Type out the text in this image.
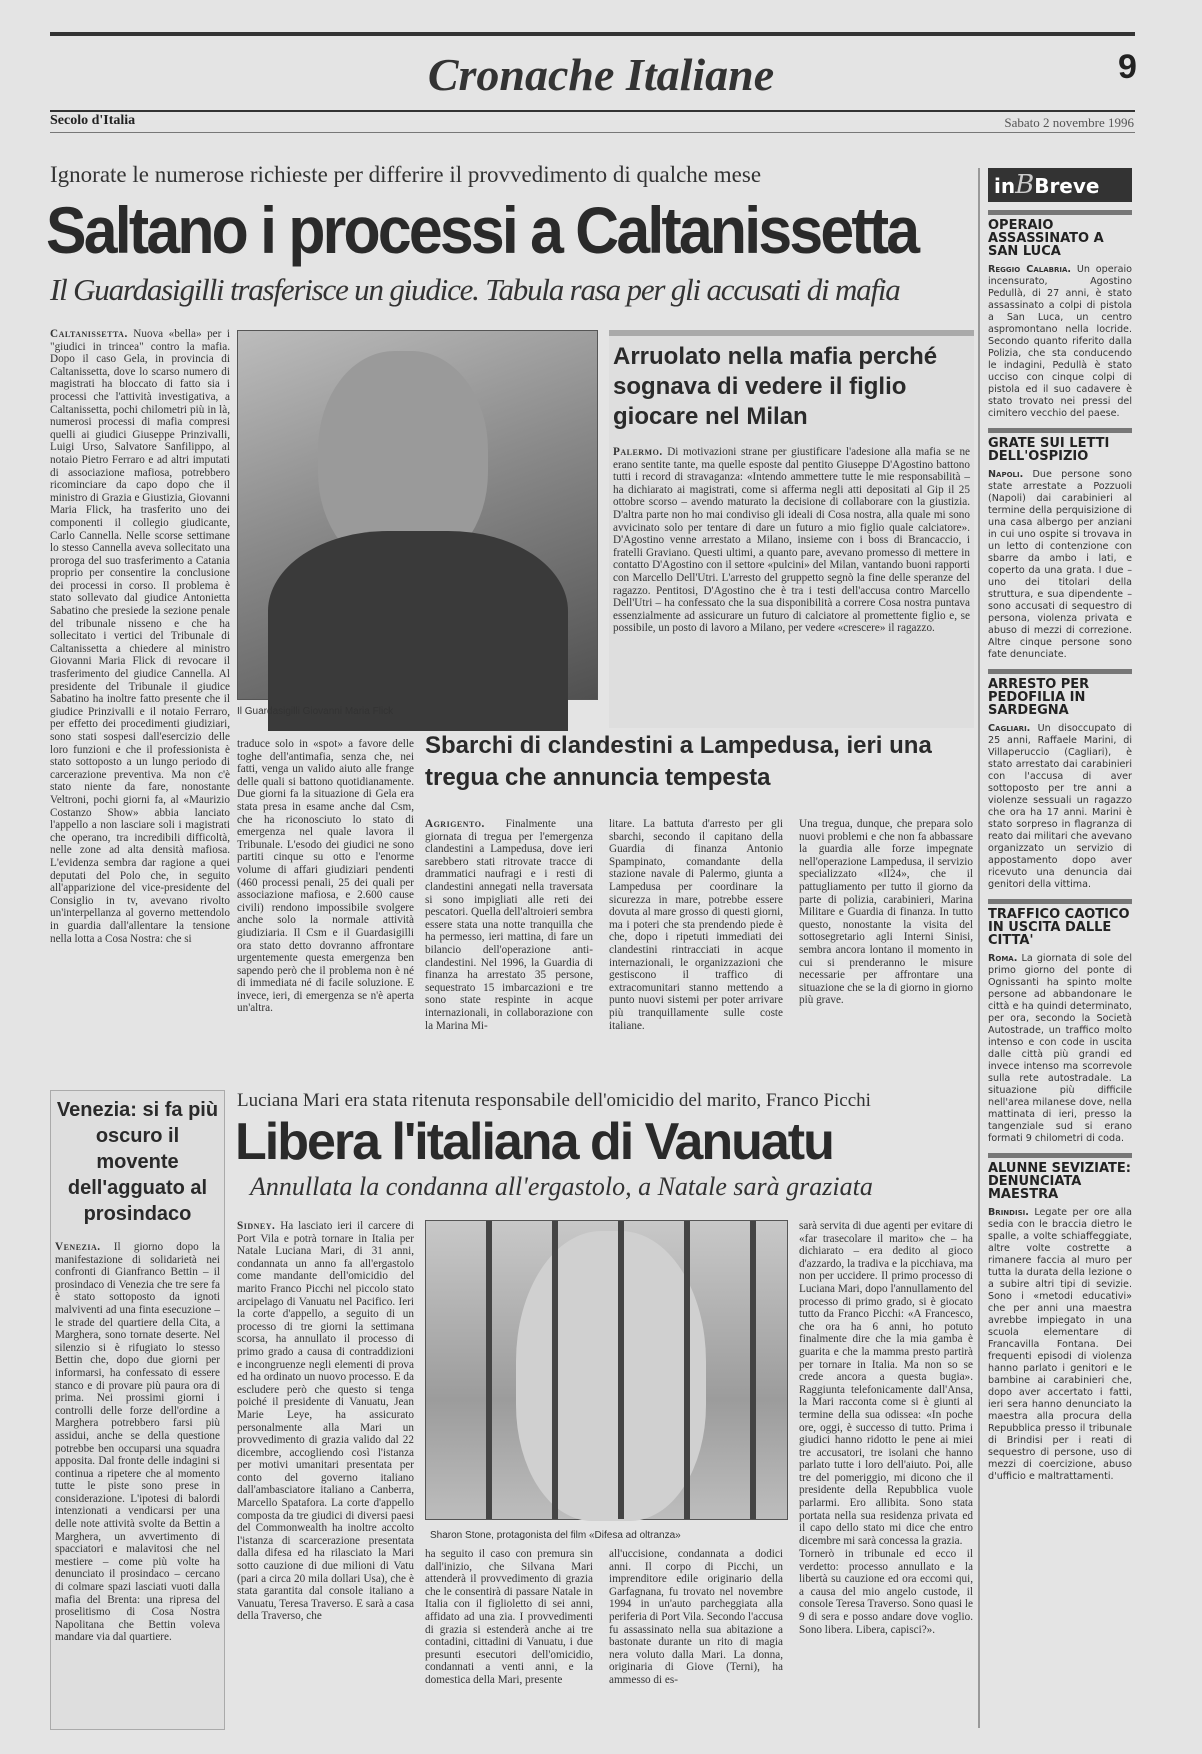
Cronache Italiane	9
Secolo d'Italia	Sabato 2 novembre 1996
Ignorate le numerose richieste per differire il provvedimento di qualche mese
Saltano i processi a Caltanissetta
Il Guardasigilli trasferisce un giudice. Tabula rasa per gli accusati di mafia
Caltanissetta. Nuova «bella» per i "giudici in trincea" contro la mafia. Dopo il caso Gela, in provincia di Caltanissetta, dove lo scarso numero di magistrati ha bloccato di fatto sia i processi che l'attività investigativa, a Caltanissetta, pochi chilometri più in là, numerosi processi di mafia compresi quelli ai giudici Giuseppe Prinzivalli, Luigi Urso, Salvatore Sanfilippo, al notaio Pietro Ferraro e ad altri imputati di associazione mafiosa, potrebbero ricominciare da capo dopo che il ministro di Grazia e Giustizia, Giovanni Maria Flick, ha trasferito uno dei componenti il collegio giudicante, Carlo Cannella. Nelle scorse settimane lo stesso Cannella aveva sollecitato una proroga del suo trasferimento a Catania proprio per consentire la conclusione dei processi in corso. Il problema è stato sollevato dal giudice Antonietta Sabatino che presiede la sezione penale del tribunale nisseno e che ha sollecitato i vertici del Tribunale di Caltanissetta a chiedere al ministro Giovanni Maria Flick di revocare il trasferimento del giudice Cannella. Al presidente del Tribunale il giudice Sabatino ha inoltre fatto presente che il giudice Prinzivalli e il notaio Ferraro, per effetto dei procedimenti giudiziari, sono stati sospesi dall'esercizio delle loro funzioni e che il professionista è stato sottoposto a un lungo periodo di carcerazione preventiva. Ma non c'è stato niente da fare, nonostante Veltroni, pochi giorni fa, al «Maurizio Costanzo Show» abbia lanciato l'appello a non lasciare soli i magistrati che operano, tra incredibili difficoltà, nelle zone ad alta densità mafiosa. L'evidenza sembra dar ragione a quei deputati del Polo che, in seguito all'apparizione del vice-presidente del Consiglio in tv, avevano rivolto un'interpellanza al governo mettendolo in guardia dall'allentare la tensione nella lotta a Cosa Nostra: che si
Il Guardasigilli Giovanni Maria Flick
traduce solo in «spot» a favore delle toghe dell'antimafia, senza che, nei fatti, venga un valido aiuto alle frange delle quali si battono quotidianamente. Due giorni fa la situazione di Gela era stata presa in esame anche dal Csm, che ha riconosciuto lo stato di emergenza nel quale lavora il Tribunale. L'esodo dei giudici ne sono partiti cinque su otto e l'enorme volume di affari giudiziari pendenti (460 processi penali, 25 dei quali per associazione mafiosa, e 2.600 cause civili) rendono impossibile svolgere anche solo la normale attività giudiziaria. Il Csm e il Guardasigilli ora stato detto dovranno affrontare urgentemente questa emergenza ben sapendo però che il problema non è né di immediata né di facile soluzione. E invece, ieri, di emergenza se n'è aperta un'altra.
Arruolato nella mafia perché sognava di vedere il figlio giocare nel Milan
Palermo. Di motivazioni strane per giustificare l'adesione alla mafia se ne erano sentite tante, ma quelle esposte dal pentito Giuseppe D'Agostino battono tutti i record di stravaganza: «Intendo ammettere tutte le mie responsabilità – ha dichiarato ai magistrati, come si afferma negli atti depositati al Gip il 25 ottobre scorso – avendo maturato la decisione di collaborare con la giustizia. D'altra parte non ho mai condiviso gli ideali di Cosa nostra, alla quale mi sono avvicinato solo per tentare di dare un futuro a mio figlio quale calciatore». D'Agostino venne arrestato a Milano, insieme con i boss di Brancaccio, i fratelli Graviano. Questi ultimi, a quanto pare, avevano promesso di mettere in contatto D'Agostino con il settore «pulcini» del Milan, vantando buoni rapporti con Marcello Dell'Utri. L'arresto del gruppetto segnò la fine delle speranze del ragazzo. Pentitosi, D'Agostino che è tra i testi dell'accusa contro Marcello Dell'Utri – ha confessato che la sua disponibilità a correre Cosa nostra puntava essenzialmente ad assicurare un futuro di calciatore al promettente figlio e, se possibile, un posto di lavoro a Milano, per vedere «crescere» il ragazzo.
Sbarchi di clandestini a Lampedusa, ieri una tregua che annuncia tempesta
Agrigento. Finalmente una giornata di tregua per l'emergenza clandestini a Lampedusa, dove ieri sarebbero stati ritrovate tracce di drammatici naufragi e i resti di clandestini annegati nella traversata si sono impigliati alle reti dei pescatori. Quella dell'altroieri sembra essere stata una notte tranquilla che ha permesso, ieri mattina, di fare un bilancio dell'operazione anti-clandestini. Nel 1996, la Guardia di finanza ha arrestato 35 persone, sequestrato 15 imbarcazioni e tre sono state respinte in acque internazionali, in collaborazione con la Marina Mi-
litare. La battuta d'arresto per gli sbarchi, secondo il capitano della Guardia di finanza Antonio Spampinato, comandante della stazione navale di Palermo, giunta a Lampedusa per coordinare la sicurezza in mare, potrebbe essere dovuta al mare grosso di questi giorni, ma i poteri che sta prendendo piede è che, dopo i ripetuti immediati dei clandestini rintracciati in acque internazionali, le organizzazioni che gestiscono il traffico di extracomunitari stanno mettendo a punto nuovi sistemi per poter arrivare più tranquillamente sulle coste italiane.
Una tregua, dunque, che prepara solo nuovi problemi e che non fa abbassare la guardia alle forze impegnate nell'operazione Lampedusa, il servizio specializzato «Il24», che il pattugliamento per tutto il giorno da parte di polizia, carabinieri, Marina Militare e Guardia di finanza. In tutto questo, nonostante la visita del sottosegretario agli Interni Sinisi, sembra ancora lontano il momento in cui si prenderanno le misure necessarie per affrontare una situazione che se la di giorno in giorno più grave.
Venezia: si fa più oscuro il movente dell'agguato al prosindaco
Venezia. Il giorno dopo la manifestazione di solidarietà nei confronti di Gianfranco Bettin – il prosindaco di Venezia che tre sere fa è stato sottoposto da ignoti malviventi ad una finta esecuzione – le strade del quartiere della Cita, a Marghera, sono tornate deserte. Nel silenzio si è rifugiato lo stesso Bettin che, dopo due giorni per informarsi, ha confessato di essere stanco e di provare più paura ora di prima. Nei prossimi giorni i controlli delle forze dell'ordine a Marghera potrebbero farsi più assidui, anche se della questione potrebbe ben occuparsi una squadra apposita. Dal fronte delle indagini si continua a ripetere che al momento tutte le piste sono prese in considerazione. L'ipotesi di balordi intenzionati a vendicarsi per una delle note attività svolte da Bettin a Marghera, un avvertimento di spacciatori e malavitosi che nel mestiere – come più volte ha denunciato il prosindaco – cercano di colmare spazi lasciati vuoti dalla mafia del Brenta: una ripresa del proselitismo di Cosa Nostra Napolitana che Bettin voleva mandare via dal quartiere.
Luciana Mari era stata ritenuta responsabile dell'omicidio del marito, Franco Picchi
Libera l'italiana di Vanuatu
Annullata la condanna all'ergastolo, a Natale sarà graziata
Sidney. Ha lasciato ieri il carcere di Port Vila e potrà tornare in Italia per Natale Luciana Mari, di 31 anni, condannata un anno fa all'ergastolo come mandante dell'omicidio del marito Franco Picchi nel piccolo stato arcipelago di Vanuatu nel Pacifico. Ieri la corte d'appello, a seguito di un processo di tre giorni la settimana scorsa, ha annullato il processo di primo grado a causa di contraddizioni e incongruenze negli elementi di prova ed ha ordinato un nuovo processo. E da escludere però che questo si tenga poiché il presidente di Vanuatu, Jean Marie Leye, ha assicurato personalmente alla Mari un provvedimento di grazia valido dal 22 dicembre, accogliendo così l'istanza per motivi umanitari presentata per conto del governo italiano dall'ambasciatore italiano a Canberra, Marcello Spatafora. La corte d'appello composta da tre giudici di diversi paesi del Commonwealth ha inoltre accolto l'istanza di scarcerazione presentata dalla difesa ed ha rilasciato la Mari sotto cauzione di due milioni di Vatu (pari a circa 20 mila dollari Usa), che è stata garantita dal console italiano a Vanuatu, Teresa Traverso. E sarà a casa della Traverso, che
Sharon Stone, protagonista del film «Difesa ad oltranza»
sarà servita di due agenti per evitare di «far trasecolare il marito» che – ha dichiarato – era dedito al gioco d'azzardo, la tradiva e la picchiava, ma non per uccidere. Il primo processo di Luciana Mari, dopo l'annullamento del processo di primo grado, si è giocato tutto da Franco Picchi: «A Francesco, che ora ha 6 anni, ho potuto finalmente dire che la mia gamba è guarita e che la mamma presto partirà per tornare in Italia. Ma non so se crede ancora a questa bugia». Raggiunta telefonicamente dall'Ansa, la Mari racconta come si è giunti al termine della sua odissea: «In poche ore, oggi, è successo di tutto. Prima i giudici hanno ridotto le pene ai miei tre accusatori, tre isolani che hanno parlato tutte i loro dell'aiuto. Poi, alle tre del pomeriggio, mi dicono che il presidente della Repubblica vuole parlarmi. Ero allibita. Sono stata portata nella sua residenza privata ed il capo dello stato mi dice che entro dicembre mi sarà concessa la grazia.
ha seguito il caso con premura sin dall'inizio, che Silvana Mari attenderà il provvedimento di grazia che le consentirà di passare Natale in Italia con il figlioletto di sei anni, affidato ad una zia. I provvedimenti di grazia si estenderà anche ai tre contadini, cittadini di Vanuatu, i due presunti esecutori dell'omicidio, condannati a venti anni, e la domestica della Mari, presente
all'uccisione, condannata a dodici anni. Il corpo di Picchi, un imprenditore edile originario della Garfagnana, fu trovato nel novembre 1994 in un'auto parcheggiata alla periferia di Port Vila. Secondo l'accusa fu assassinato nella sua abitazione a bastonate durante un rito di magia nera voluto dalla Mari. La donna, originaria di Giove (Terni), ha ammesso di es-
Tornerò in tribunale ed ecco il verdetto: processo annullato e la libertà su cauzione ed ora eccomi qui, a causa del mio angelo custode, il console Teresa Traverso. Sono quasi le 9 di sera e posso andare dove voglio. Sono libera. Libera, capisci?».
inBBreve
OPERAIO ASSASSINATO A SAN LUCA

Reggio Calabria. Un operaio incensurato, Agostino Pedullà, di 27 anni, è stato assassinato a colpi di pistola a San Luca, un centro aspromontano nella locride. Secondo quanto riferito dalla Polizia, che sta conducendo le indagini, Pedullà è stato ucciso con cinque colpi di pistola ed il suo cadavere è stato trovato nei pressi del cimitero vecchio del paese.

GRATE SUI LETTI DELL'OSPIZIO

Napoli. Due persone sono state arrestate a Pozzuoli (Napoli) dai carabinieri al termine della perquisizione di una casa albergo per anziani in cui uno ospite si trovava in un letto di contenzione con sbarre da ambo i lati, e coperto da una grata. I due – uno dei titolari della struttura, e sua dipendente – sono accusati di sequestro di persona, violenza privata e abuso di mezzi di correzione. Altre cinque persone sono fate denunciate.

ARRESTO PER PEDOFILIA IN SARDEGNA

Cagliari. Un disoccupato di 25 anni, Raffaele Marini, di Villaperuccio (Cagliari), è stato arrestato dai carabinieri con l'accusa di aver sottoposto per tre anni a violenze sessuali un ragazzo che ora ha 17 anni. Marini è stato sorpreso in flagranza di reato dai militari che avevano organizzato un servizio di appostamento dopo aver ricevuto una denuncia dai genitori della vittima.

TRAFFICO CAOTICO IN USCITA DALLE CITTA'

Roma. La giornata di sole del primo giorno del ponte di Ognissanti ha spinto molte persone ad abbandonare le città e ha quindi determinato, per ora, secondo la Società Autostrade, un traffico molto intenso e con code in uscita dalle città più grandi ed invece intenso ma scorrevole sulla rete autostradale. La situazione più difficile nell'area milanese dove, nella mattinata di ieri, presso la tangenziale sud si erano formati 9 chilometri di coda.

ALUNNE SEVIZIATE: DENUNCIATA MAESTRA

Brindisi. Legate per ore alla sedia con le braccia dietro le spalle, a volte schiaffeggiate, altre volte costrette a rimanere faccia al muro per tutta la durata della lezione o a subire altri tipi di sevizie. Sono i «metodi educativi» che per anni una maestra avrebbe impiegato in una scuola elementare di Francavilla Fontana. Dei frequenti episodi di violenza hanno parlato i genitori e le bambine ai carabinieri che, dopo aver accertato i fatti, ieri sera hanno denunciato la maestra alla procura della Repubblica presso il tribunale di Brindisi per i reati di sequestro di persone, uso di mezzi di coercizione, abuso d'ufficio e maltrattamenti.
